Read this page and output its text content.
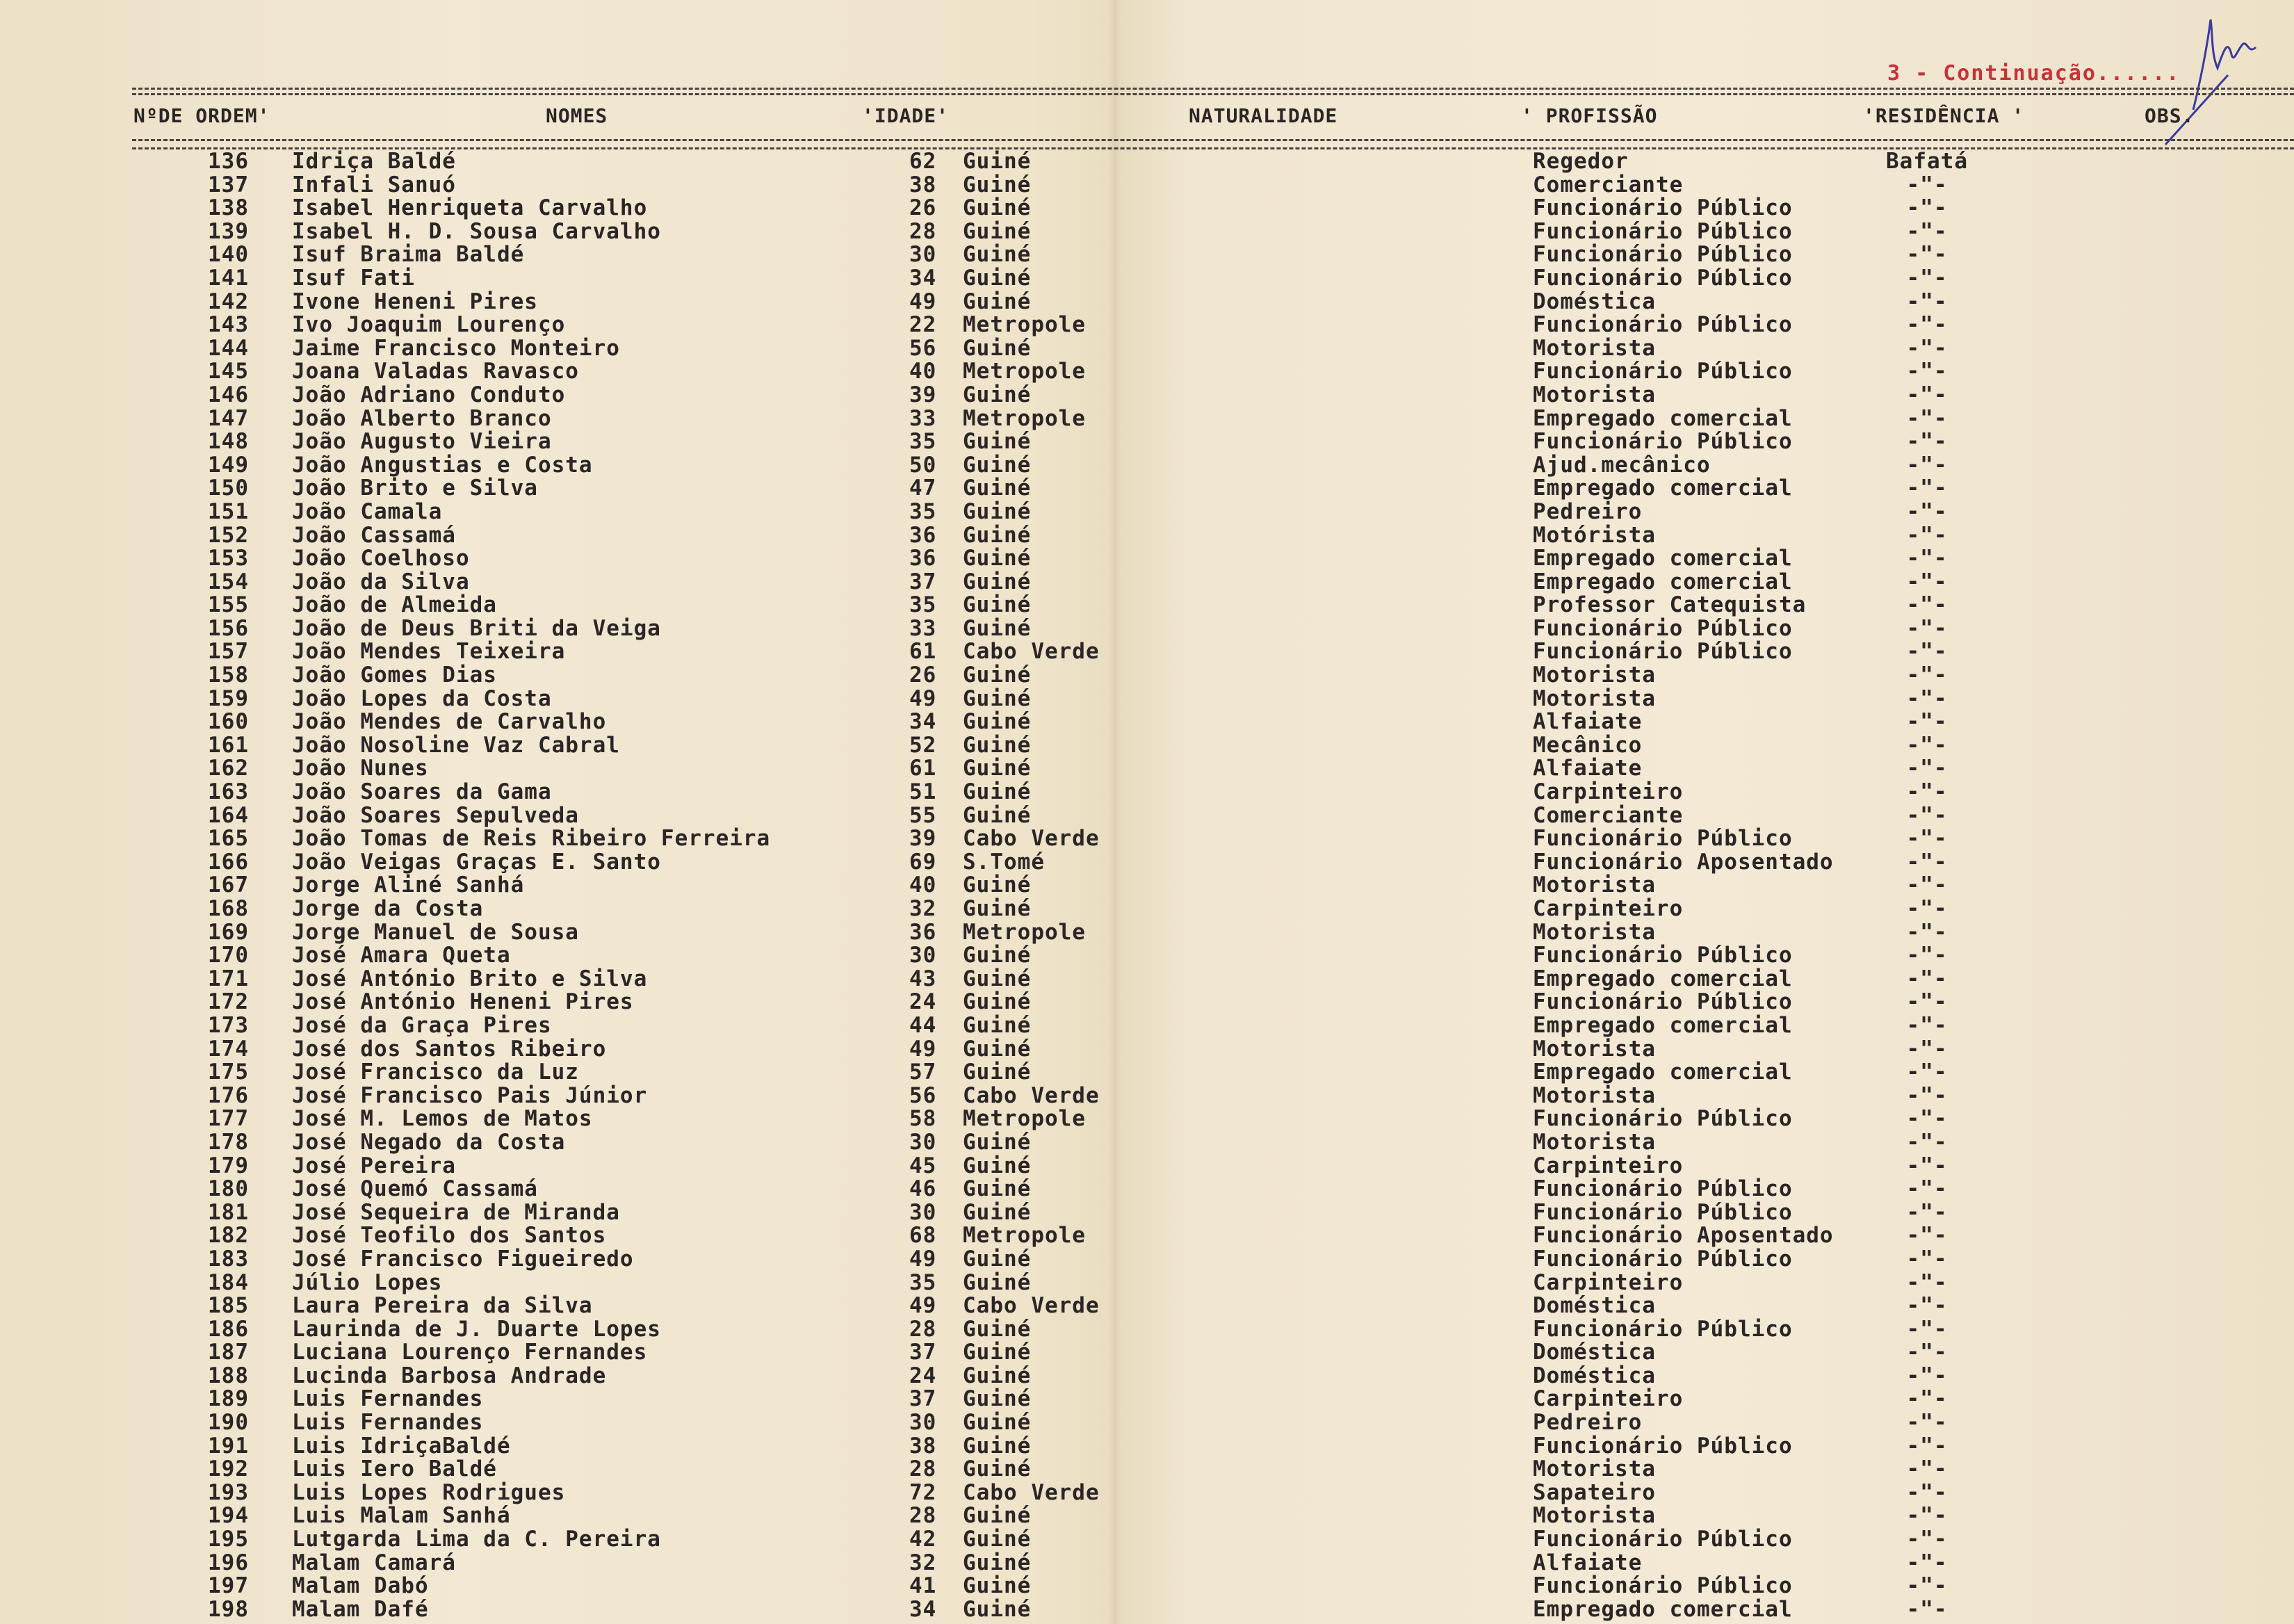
3 - Continuação......
NºDE ORDEM'	NOMES	'IDADE'	NATURALIDADE	' PROFISSÃO	'RESIDÊNCIA '	OBS.
136 Idriça Baldé	62 Guiné	Regedor	Bafatá
137 Infali Sanuó	38 Guiné	Comerciante	-"-
138 Isabel Henriqueta Carvalho	26 Guiné	Funcionário Público	-"-
139 Isabel H. D. Sousa Carvalho	28 Guiné	Funcionário Público	-"-
140 Isuf Braima Baldé	30 Guiné	Funcionário Público	-"-
141 Isuf Fati	34 Guiné	Funcionário Público	-"-
142 Ivone Heneni Pires	49 Guiné	Doméstica	-"-
143 Ivo Joaquim Lourenço	22 Metropole	Funcionário Público	-"-
144 Jaime Francisco Monteiro	56 Guiné	Motorista	-"-
145 Joana Valadas Ravasco	40 Metropole	Funcionário Público	-"-
146 João Adriano Conduto	39 Guiné	Motorista	-"-
147 João Alberto Branco	33 Metropole	Empregado comercial	-"-
148 João Augusto Vieira	35 Guiné	Funcionário Público	-"-
149 João Angustias e Costa	50 Guiné	Ajud.mecânico	-"-
150 João Brito e Silva	47 Guiné	Empregado comercial	-"-
151 João Camala	35 Guiné	Pedreiro	-"-
152 João Cassamá	36 Guiné	Motórista	-"-
153 João Coelhoso	36 Guiné	Empregado comercial	-"-
154 João da Silva	37 Guiné	Empregado comercial	-"-
155 João de Almeida	35 Guiné	Professor Catequista	-"-
156 João de Deus Briti da Veiga	33 Guiné	Funcionário Público	-"-
157 João Mendes Teixeira	61 Cabo Verde	Funcionário Público	-"-
158 João Gomes Dias	26 Guiné	Motorista	-"-
159 João Lopes da Costa	49 Guiné	Motorista	-"-
160 João Mendes de Carvalho	34 Guiné	Alfaiate	-"-
161 João Nosoline Vaz Cabral	52 Guiné	Mecânico	-"-
162 João Nunes	61 Guiné	Alfaiate	-"-
163 João Soares da Gama	51 Guiné	Carpinteiro	-"-
164 João Soares Sepulveda	55 Guiné	Comerciante	-"-
165 João Tomas de Reis Ribeiro Ferreira	39 Cabo Verde	Funcionário Público	-"-
166 João Veigas Graças E. Santo	69 S.Tomé	Funcionário Aposentado	-"-
167 Jorge Aliné Sanhá	40 Guiné	Motorista	-"-
168 Jorge da Costa	32 Guiné	Carpinteiro	-"-
169 Jorge Manuel de Sousa	36 Metropole	Motorista	-"-
170 José Amara Queta	30 Guiné	Funcionário Público	-"-
171 José António Brito e Silva	43 Guiné	Empregado comercial	-"-
172 José António Heneni Pires	24 Guiné	Funcionário Público	-"-
173 José da Graça Pires	44 Guiné	Empregado comercial	-"-
174 José dos Santos Ribeiro	49 Guiné	Motorista	-"-
175 José Francisco da Luz	57 Guiné	Empregado comercial	-"-
176 José Francisco Pais Júnior	56 Cabo Verde	Motorista	-"-
177 José M. Lemos de Matos	58 Metropole	Funcionário Público	-"-
178 José Negado da Costa	30 Guiné	Motorista	-"-
179 José Pereira	45 Guiné	Carpinteiro	-"-
180 José Quemó Cassamá	46 Guiné	Funcionário Público	-"-
181 José Sequeira de Miranda	30 Guiné	Funcionário Público	-"-
182 José Teofilo dos Santos	68 Metropole	Funcionário Aposentado	-"-
183 José Francisco Figueiredo	49 Guiné	Funcionário Público	-"-
184 Júlio Lopes	35 Guiné	Carpinteiro	-"-
185 Laura Pereira da Silva	49 Cabo Verde	Doméstica	-"-
186 Laurinda de J. Duarte Lopes	28 Guiné	Funcionário Público	-"-
187 Luciana Lourenço Fernandes	37 Guiné	Doméstica	-"-
188 Lucinda Barbosa Andrade	24 Guiné	Doméstica	-"-
189 Luis Fernandes	37 Guiné	Carpinteiro	-"-
190 Luis Fernandes	30 Guiné	Pedreiro	-"-
191 Luis IdriçaBaldé	38 Guiné	Funcionário Público	-"-
192 Luis Iero Baldé	28 Guiné	Motorista	-"-
193 Luis Lopes Rodrigues	72 Cabo Verde	Sapateiro	-"-
194 Luis Malam Sanhá	28 Guiné	Motorista	-"-
195 Lutgarda Lima da C. Pereira	42 Guiné	Funcionário Público	-"-
196 Malam Camará	32 Guiné	Alfaiate	-"-
197 Malam Dabó	41 Guiné	Funcionário Público	-"-
198 Malam Dafé	34 Guiné	Empregado comercial	-"-
